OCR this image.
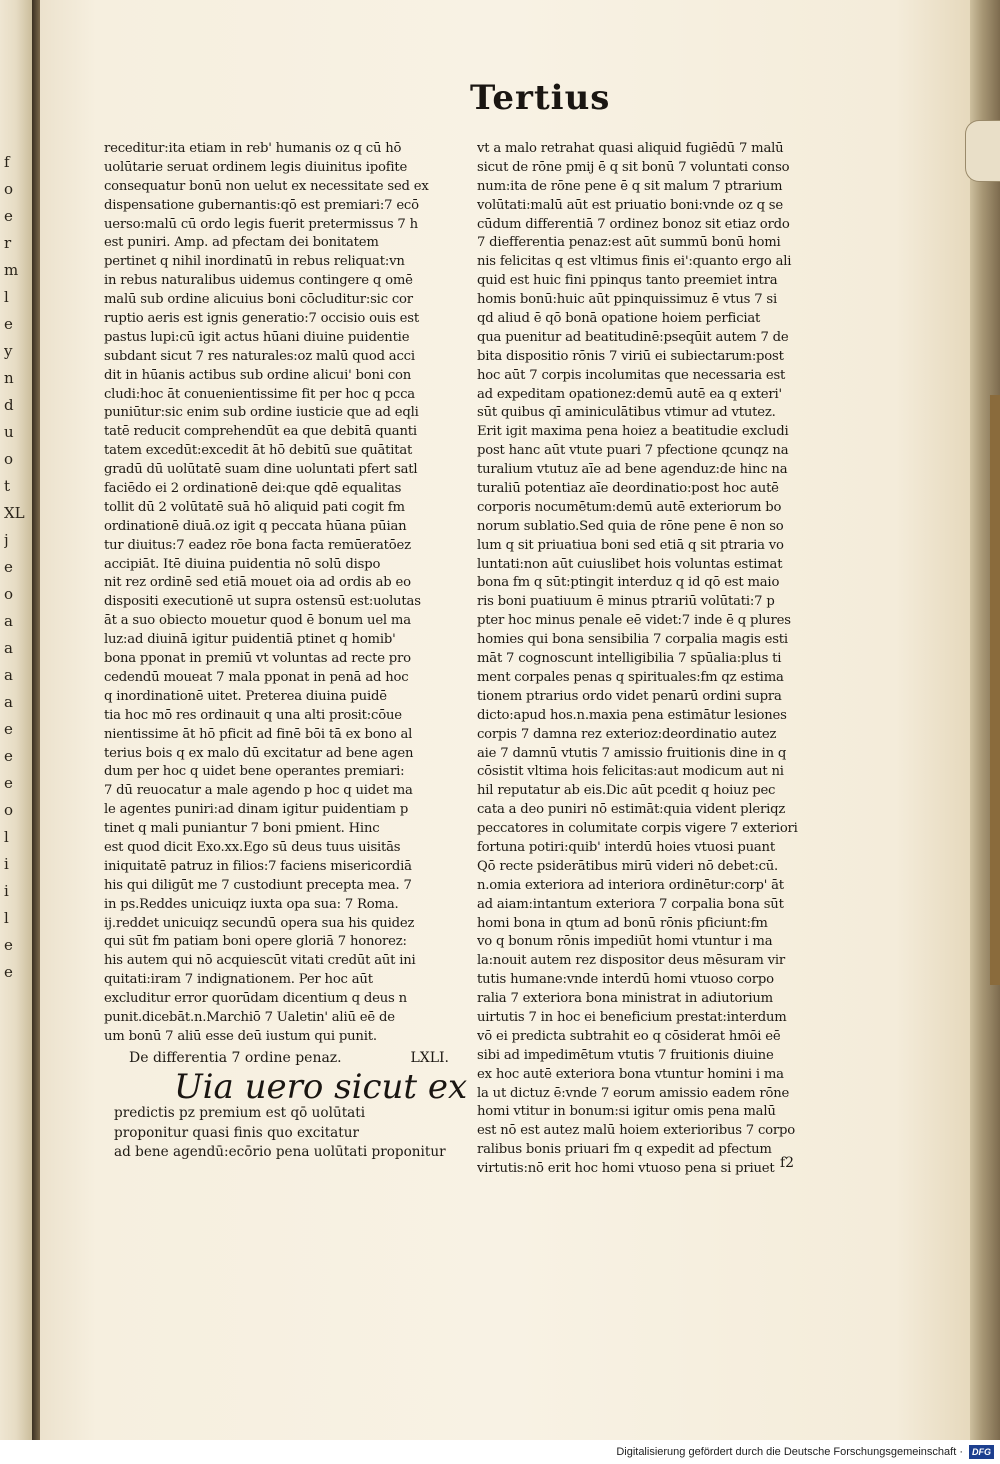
f
o
e
r
m
l
e
y
n
d
u
o
t
XL
j
e
o
a
a
a
a
e
e
e
o
l
i
i
l
e
e
Tertius
receditur:ita etiam in reb' humanis oz q cū hō
uolūtarie seruat ordinem legis diuinitus ipofite
consequatur bonū non uelut ex necessitate sed ex
dispensatione gubernantis:qō est premiari:7 ecō
uerso:malū cū ordo legis fuerit pretermissus 7 h
est puniri. Amp. ad pfectam dei bonitatem
pertinet q nihil inordinatū in rebus reliquat:vn
in rebus naturalibus uidemus contingere q omē
malū sub ordine alicuius boni cōcluditur:sic cor
ruptio aeris est ignis generatio:7 occisio ouis est
pastus lupi:cū igit actus hūani diuine puidentie
subdant sicut 7 res naturales:oz malū quod acci
dit in hūanis actibus sub ordine alicui' boni con
cludi:hoc āt conuenientissime fit per hoc q pcca
puniūtur:sic enim sub ordine iusticie que ad eqli
tatē reducit comprehendūt ea que debitā quanti
tatem excedūt:excedit āt hō debitū sue quātitat
gradū dū uolūtatē suam dine uoluntati pfert satl
faciēdo ei 2 ordinationē dei:que qdē equalitas
tollit dū 2 volūtatē suā hō aliquid pati cogit fm
ordinationē diuā.oz igit q peccata hūana pūian
tur diuitus:7 eadez rōe bona facta remūeratōez
accipiāt. Itē diuina puidentia nō solū dispo
nit rez ordinē sed etiā mouet oia ad ordis ab eo
dispositi executionē ut supra ostensū est:uolutas
āt a suo obiecto mouetur quod ē bonum uel ma
luz:ad diuinā igitur puidentiā ptinet q homib'
bona pponat in premiū vt voluntas ad recte pro
cedendū moueat 7 mala pponat in penā ad hoc
q inordinationē uitet. Preterea diuina puidē
tia hoc mō res ordinauit q una alti prosit:cōue
nientissime āt hō pficit ad finē bōi tā ex bono al
terius bois q ex malo dū excitatur ad bene agen
dum per hoc q uidet bene operantes premiari:
7 dū reuocatur a male agendo p hoc q uidet ma
le agentes puniri:ad dinam igitur puidentiam p
tinet q mali puniantur 7 boni pmient. Hinc
est quod dicit Exo.xx.Ego sū deus tuus uisitās
iniquitatē patruz in filios:7 faciens misericordiā
his qui diligūt me 7 custodiunt precepta mea. 7
in ps.Reddes unicuiqz iuxta opa sua: 7 Roma.
ij.reddet unicuiqz secundū opera sua his quidez
qui sūt fm patiam boni opere gloriā 7 honorez:
his autem qui nō acquiescūt vitati credūt aūt ini
quitati:iram 7 indignationem. Per hoc aūt
excluditur error quorūdam dicentium q deus n
punit.dicebāt.n.Marchiō 7 Ualetin' aliū eē de
um bonū 7 aliū esse deū iustum qui punit.
De differentia 7 ordine penaz.	LXLI.
Uia uero sicut ex
predictis pz premium est qō uolūtati
proponitur quasi finis quo excitatur
ad bene agendū:ecōrio pena uolūtati proponitur
vt a malo retrahat quasi aliquid fugiēdū 7 malū
sicut de rōne pmij ē q sit bonū 7 voluntati conso
num:ita de rōne pene ē q sit malum 7 ptrarium
volūtati:malū aūt est priuatio boni:vnde oz q se
cūdum differentiā 7 ordinez bonoz sit etiaz ordo
7 diefferentia penaz:est aūt summū bonū homi
nis felicitas q est vltimus finis ei':quanto ergo ali
quid est huic fini ppinqus tanto preemiet intra
homis bonū:huic aūt ppinquissimuz ē vtus 7 si
qd aliud ē qō bonā opatione hoiem perficiat
qua puenitur ad beatitudinē:pseqūit autem 7 de
bita dispositio rōnis 7 viriū ei subiectarum:post
hoc aūt 7 corpis incolumitas que necessaria est
ad expeditam opationez:demū autē ea q exteri'
sūt quibus qī aminiculātibus vtimur ad vtutez.
Erit igit maxima pena hoiez a beatitudie excludi
post hanc aūt vtute puari 7 pfectione qcunqz na
turalium vtutuz aīe ad bene agenduz:de hinc na
turaliū potentiaz aīe deordinatio:post hoc autē
corporis nocumētum:demū autē exteriorum bo
norum sublatio.Sed quia de rōne pene ē non so
lum q sit priuatiua boni sed etiā q sit ptraria vo
luntati:non aūt cuiuslibet hois voluntas estimat
bona fm q sūt:ptingit interduz q id qō est maio
ris boni puatiuum ē minus ptrariū volūtati:7 p
pter hoc minus penale eē videt:7 inde ē q plures
homies qui bona sensibilia 7 corpalia magis esti
māt 7 cognoscunt intelligibilia 7 spūalia:plus ti
ment corpales penas q spirituales:fm qz estima
tionem ptrarius ordo videt penarū ordini supra
dicto:apud hos.n.maxia pena estimātur lesiones
corpis 7 damna rez exterioz:deordinatio autez
aie 7 damnū vtutis 7 amissio fruitionis dine in q
cōsistit vltima hois felicitas:aut modicum aut ni
hil reputatur ab eis.Dic aūt pcedit q hoiuz pec
cata a deo puniri nō estimāt:quia vident pleriqz
peccatores in columitate corpis vigere 7 exteriori
fortuna potiri:quib' interdū hoies vtuosi puant
Qō recte psiderātibus mirū videri nō debet:cū.
n.omia exteriora ad interiora ordinētur:corp' āt
ad aiam:intantum exteriora 7 corpalia bona sūt
homi bona in qtum ad bonū rōnis pficiunt:fm
vo q bonum rōnis impediūt homi vtuntur i ma
la:nouit autem rez dispositor deus mēsuram vir
tutis humane:vnde interdū homi vtuoso corpo
ralia 7 exteriora bona ministrat in adiutorium
uirtutis 7 in hoc ei beneficium prestat:interdum
vō ei predicta subtrahit eo q cōsiderat hmōi eē
sibi ad impedimētum vtutis 7 fruitionis diuine
ex hoc autē exteriora bona vtuntur homini i ma
la ut dictuz ē:vnde 7 eorum amissio eadem rōne
homi vtitur in bonum:si igitur omis pena malū
est nō est autez malū hoiem exterioribus 7 corpo
ralibus bonis priuari fm q expedit ad pfectum
virtutis:nō erit hoc homi vtuoso pena si priuet f2
Digitalisierung gefördert durch die Deutsche Forschungsgemeinschaft ·	DFG
